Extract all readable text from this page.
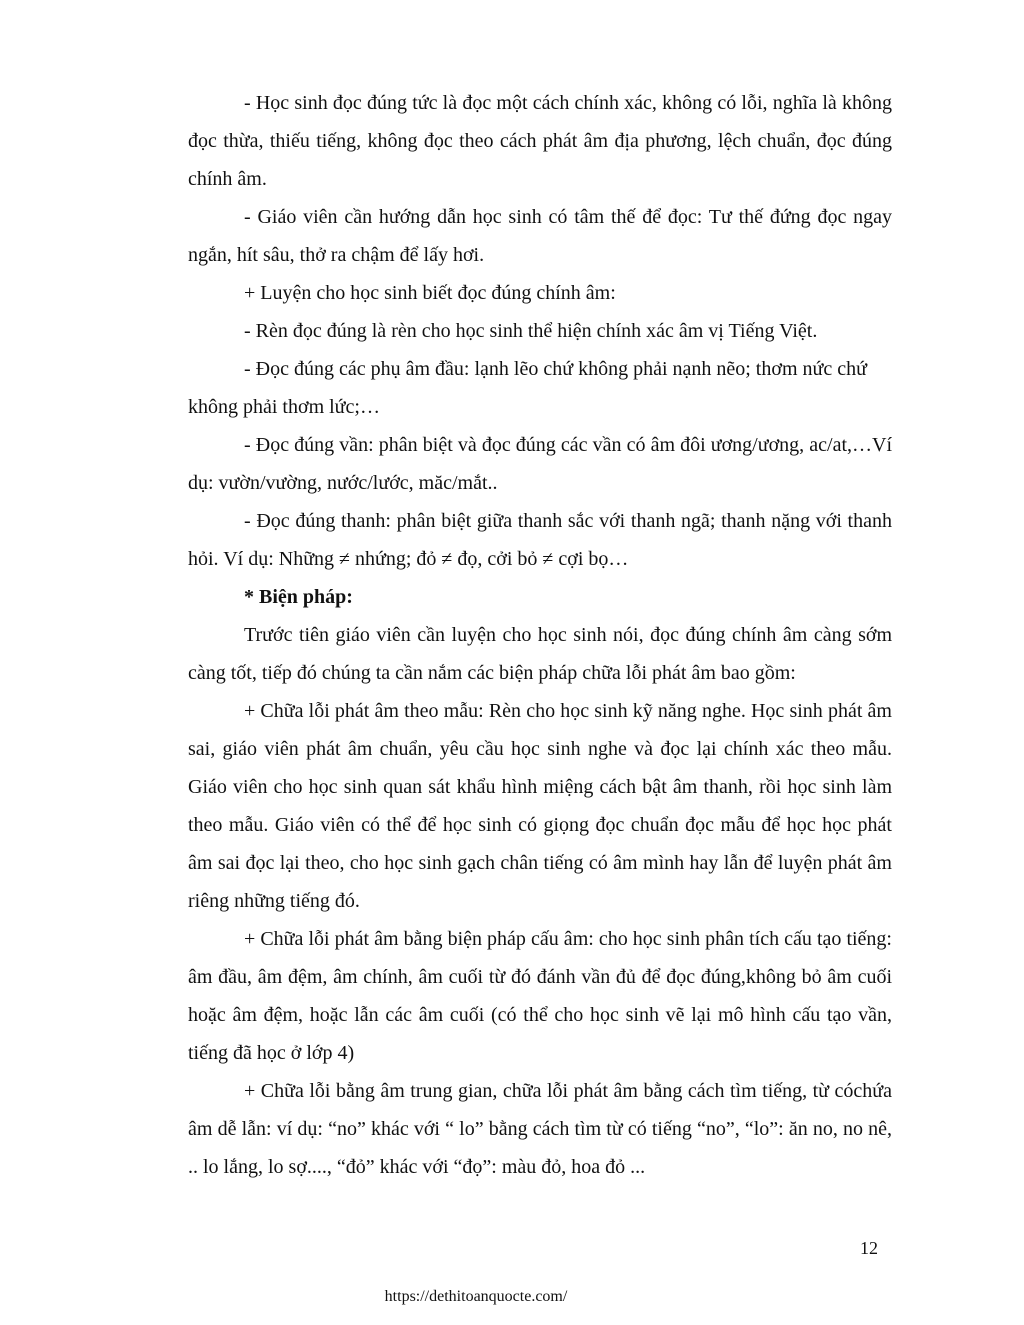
- Học sinh đọc đúng tức là đọc một cách chính xác, không có lỗi, nghĩa là không đọc thừa, thiếu tiếng, không đọc theo cách phát âm địa phương, lệch chuẩn, đọc đúng chính âm.

- Giáo viên cần hướng dẫn học sinh có tâm thế để đọc: Tư thế đứng đọc ngay ngắn, hít sâu, thở ra chậm để lấy hơi.

+ Luyện cho học sinh biết đọc đúng chính âm:

- Rèn đọc đúng là rèn cho học sinh thể hiện chính xác âm vị Tiếng Việt.

- Đọc đúng các phụ âm đầu: lạnh lẽo chứ không phải nạnh nẽo; thơm nức chứ không phải thơm lức;…

- Đọc đúng vần: phân biệt và đọc đúng các vần có âm đôi ương/ương, ac/at,…Ví dụ: vườn/vường, nước/lước, măc/mắt..

- Đọc đúng thanh: phân biệt giữa thanh sắc với thanh ngã; thanh nặng với thanh hỏi. Ví dụ: Những ≠ nhứng; đỏ ≠ đọ, cởi bỏ ≠ cợi bọ…

* Biện pháp:

Trước tiên giáo viên cần luyện cho học sinh nói, đọc đúng chính âm càng sớm càng tốt, tiếp đó chúng ta cần nắm các biện pháp chữa lỗi phát âm bao gồm:

+ Chữa lỗi phát âm theo mẫu: Rèn cho học sinh kỹ năng nghe. Học sinh phát âm sai, giáo viên phát âm chuẩn, yêu cầu học sinh nghe và đọc lại chính xác theo mẫu. Giáo viên cho học sinh quan sát khẩu hình miệng cách bật âm thanh, rồi học sinh làm theo mẫu. Giáo viên có thể để học sinh có giọng đọc chuẩn đọc mẫu để học học phát âm sai đọc lại theo, cho học sinh gạch chân tiếng có âm mình hay lẫn để luyện phát âm riêng những tiếng đó.

+ Chữa lỗi phát âm bằng biện pháp cấu âm: cho học sinh phân tích cấu tạo tiếng: âm đầu, âm đệm, âm chính, âm cuối từ đó đánh vần đủ để đọc đúng,không bỏ âm cuối hoặc âm đệm, hoặc lẫn các âm cuối (có thể cho học sinh vẽ lại mô hình cấu tạo vần, tiếng đã học ở lớp 4)

+ Chữa lỗi bằng âm trung gian, chữa lỗi phát âm bằng cách tìm tiếng, từ cóchứa âm dễ lẫn: ví dụ: “no” khác với “ lo” bằng cách tìm từ có tiếng “no”, “lo”: ăn no, no nê, .. lo lắng, lo sợ...., “đỏ” khác với “đọ”: màu đỏ, hoa đỏ ...

12
https://dethitoanquocte.com/
